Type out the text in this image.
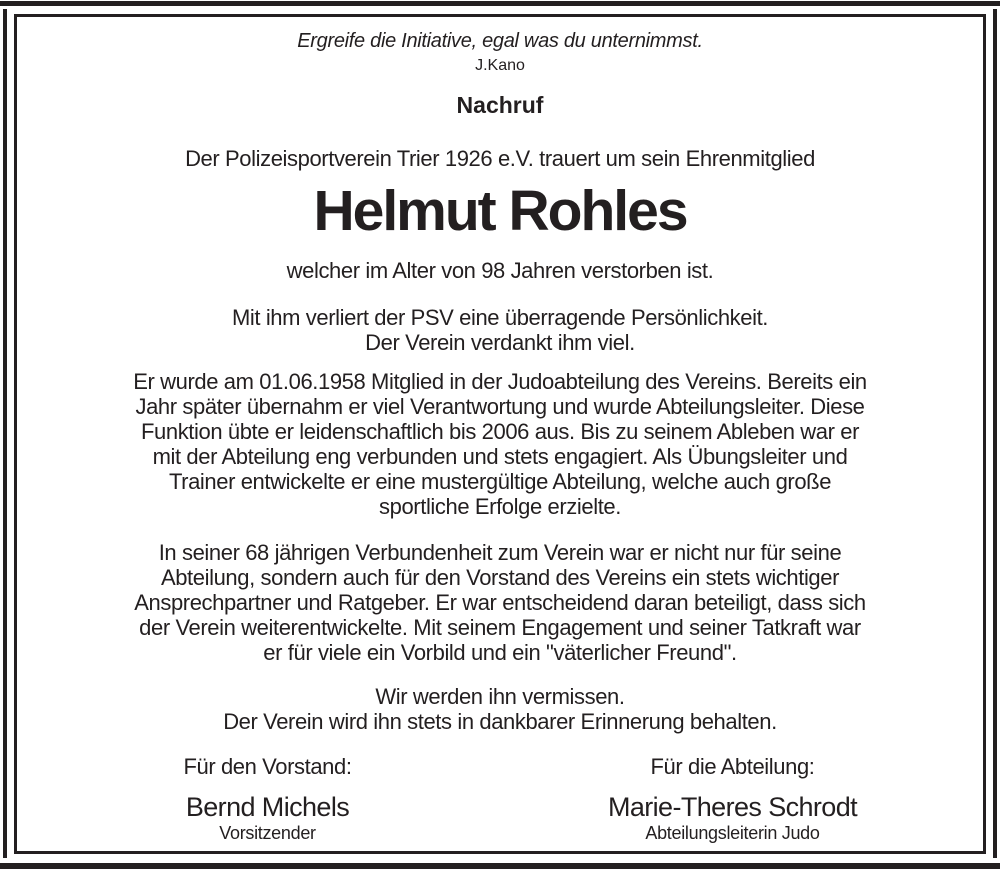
Ergreife die Initiative, egal was du unternimmst.
J.Kano
Nachruf
Der Polizeisportverein Trier 1926 e.V. trauert um sein Ehrenmitglied
Helmut Rohles
welcher im Alter von 98 Jahren verstorben ist.
Mit ihm verliert der PSV eine überragende Persönlichkeit.
Der Verein verdankt ihm viel.
Er wurde am 01.06.1958 Mitglied in der Judoabteilung des Vereins. Bereits ein
Jahr später übernahm er viel Verantwortung und wurde Abteilungsleiter. Diese
Funktion übte er leidenschaftlich bis 2006 aus. Bis zu seinem Ableben war er
mit der Abteilung eng verbunden und stets engagiert. Als Übungsleiter und
Trainer entwickelte er eine mustergültige Abteilung, welche auch große
sportliche Erfolge erzielte.
In seiner 68 jährigen Verbundenheit zum Verein war er nicht nur für seine
Abteilung, sondern auch für den Vorstand des Vereins ein stets wichtiger
Ansprechpartner und Ratgeber. Er war entscheidend daran beteiligt, dass sich
der Verein weiterentwickelte. Mit seinem Engagement und seiner Tatkraft war
er für viele ein Vorbild und ein "väterlicher Freund".
Wir werden ihn vermissen.
Der Verein wird ihn stets in dankbarer Erinnerung behalten.
Für den Vorstand:
Bernd Michels
Vorsitzender
Für die Abteilung:
Marie-Theres Schrodt
Abteilungsleiterin Judo
